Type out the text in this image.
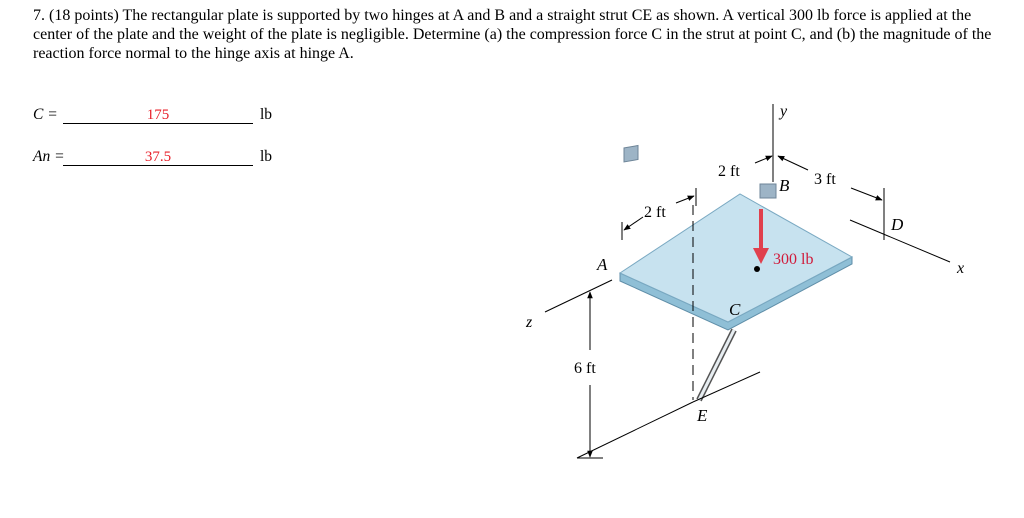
7. (18 points) The rectangular plate is supported by two hinges at A and B and a straight strut CE as shown. A vertical 300 lb force is applied at the center of the plate and the weight of the plate is negligible. Determine (a) the compression force C in the strut at point C, and (b) the magnitude of the reaction force normal to the hinge axis at hinge A.

C =	175	lb
An =	37.5	lb
y
x
z
A
B
C
D
E
2 ft
2 ft	3 ft
6 ft
300 lb
